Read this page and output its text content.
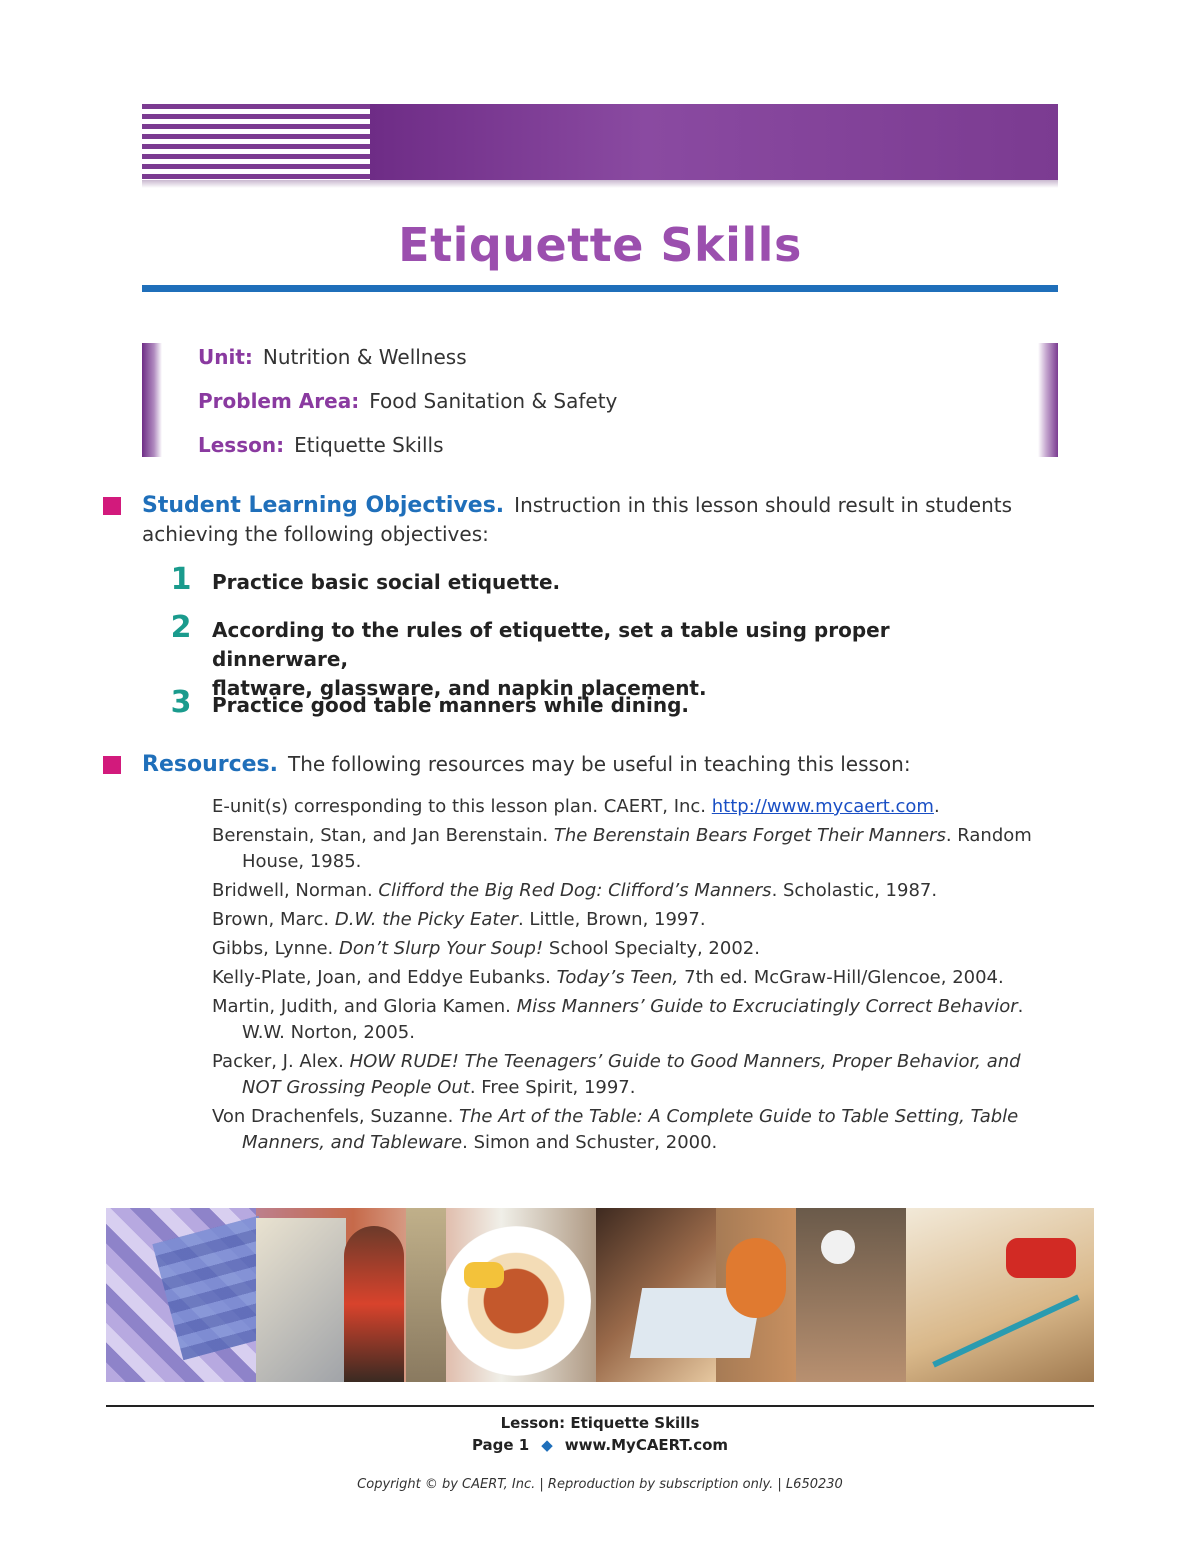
Etiquette Skills
Unit: Nutrition & Wellness
Problem Area: Food Sanitation & Safety
Lesson: Etiquette Skills
Student Learning Objectives. Instruction in this lesson should result in students
achieving the following objectives:
1 Practice basic social etiquette.
2 According to the rules of etiquette, set a table using proper dinnerware,
flatware, glassware, and napkin placement.
3 Practice good table manners while dining.
Resources. The following resources may be useful in teaching this lesson:
E-unit(s) corresponding to this lesson plan. CAERT, Inc. http://www.mycaert.com.
Berenstain, Stan, and Jan Berenstain. The Berenstain Bears Forget Their Manners. Random House, 1985.
Bridwell, Norman. Clifford the Big Red Dog: Clifford’s Manners. Scholastic, 1987.
Brown, Marc. D.W. the Picky Eater. Little, Brown, 1997.
Gibbs, Lynne. Don’t Slurp Your Soup! School Specialty, 2002.
Kelly-Plate, Joan, and Eddye Eubanks. Today’s Teen, 7th ed. McGraw-Hill/Glencoe, 2004.
Martin, Judith, and Gloria Kamen. Miss Manners’ Guide to Excruciatingly Correct Behavior. W.W. Norton, 2005.
Packer, J. Alex. HOW RUDE! The Teenagers’ Guide to Good Manners, Proper Behavior, and NOT Grossing People Out. Free Spirit, 1997.
Von Drachenfels, Suzanne. The Art of the Table: A Complete Guide to Table Setting, Table Manners, and Tableware. Simon and Schuster, 2000.
Lesson: Etiquette Skills
Page 1 ◆ www.MyCAERT.com
Copyright © by CAERT, Inc. | Reproduction by subscription only. | L650230
